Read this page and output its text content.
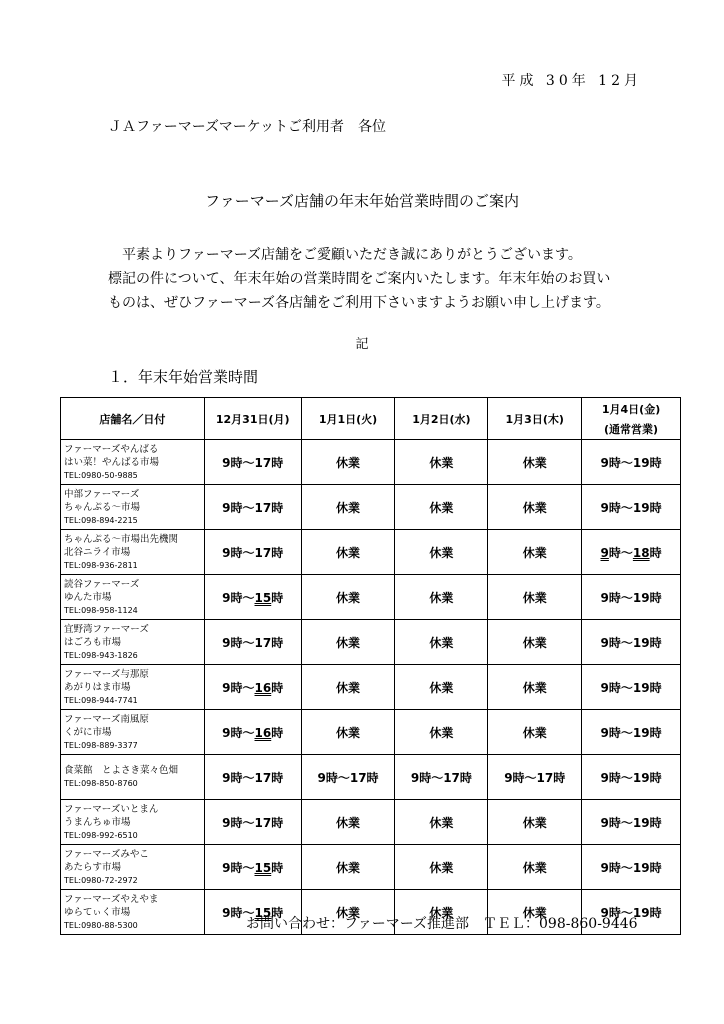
平成 30年 12月
ＪＡファーマーズマーケットご利用者　各位
ファーマーズ店舗の年末年始営業時間のご案内
平素よりファーマーズ店舗をご愛顧いただき誠にありがとうございます。
標記の件について、年末年始の営業時間をご案内いたします。年末年始のお買い
ものは、ぜひファーマーズ各店舗をご利用下さいますようお願い申し上げます。
記
１．年末年始営業時間
店舗名／日付	12月31日(月)	1月1日(火)	1月2日(水)	1月3日(木)	1月4日(金)
(通常営業)

ファーマーズやんばる
はい菜！やんばる市場
TEL:0980-50-9885	9時～17時	休業	休業	休業	9時～19時

中部ファーマーズ
ちゃんぷる～市場
TEL:098-894-2215	9時～17時	休業	休業	休業	9時～19時

ちゃんぷる～市場出先機関
北谷ニライ市場
TEL:098-936-2811	9時～17時	休業	休業	休業	9時～18時

読谷ファーマーズ
ゆんた市場
TEL:098-958-1124	9時～15時	休業	休業	休業	9時～19時

宜野湾ファーマーズ
はごろも市場
TEL:098-943-1826	9時～17時	休業	休業	休業	9時～19時

ファーマーズ与那原
あがりはま市場
TEL:098-944-7741	9時～16時	休業	休業	休業	9時～19時

ファーマーズ南風原
くがに市場
TEL:098-889-3377	9時～16時	休業	休業	休業	9時～19時

食菜館　とよさき菜々色畑
TEL:098-850-8760	9時～17時	9時～17時	9時～17時	9時～17時	9時～19時

ファーマーズいとまん
うまんちゅ市場
TEL:098-992-6510	9時～17時	休業	休業	休業	9時～19時

ファーマーズみやこ
あたらす市場
TEL:0980-72-2972	9時～15時	休業	休業	休業	9時～19時

ファーマーズやえやま
ゆらてぃく市場
TEL:0980-88-5300	9時～15時	休業	休業	休業	9時～19時
お問い合わせ：ファーマーズ推進部　ＴＥＬ：098-860-9446
